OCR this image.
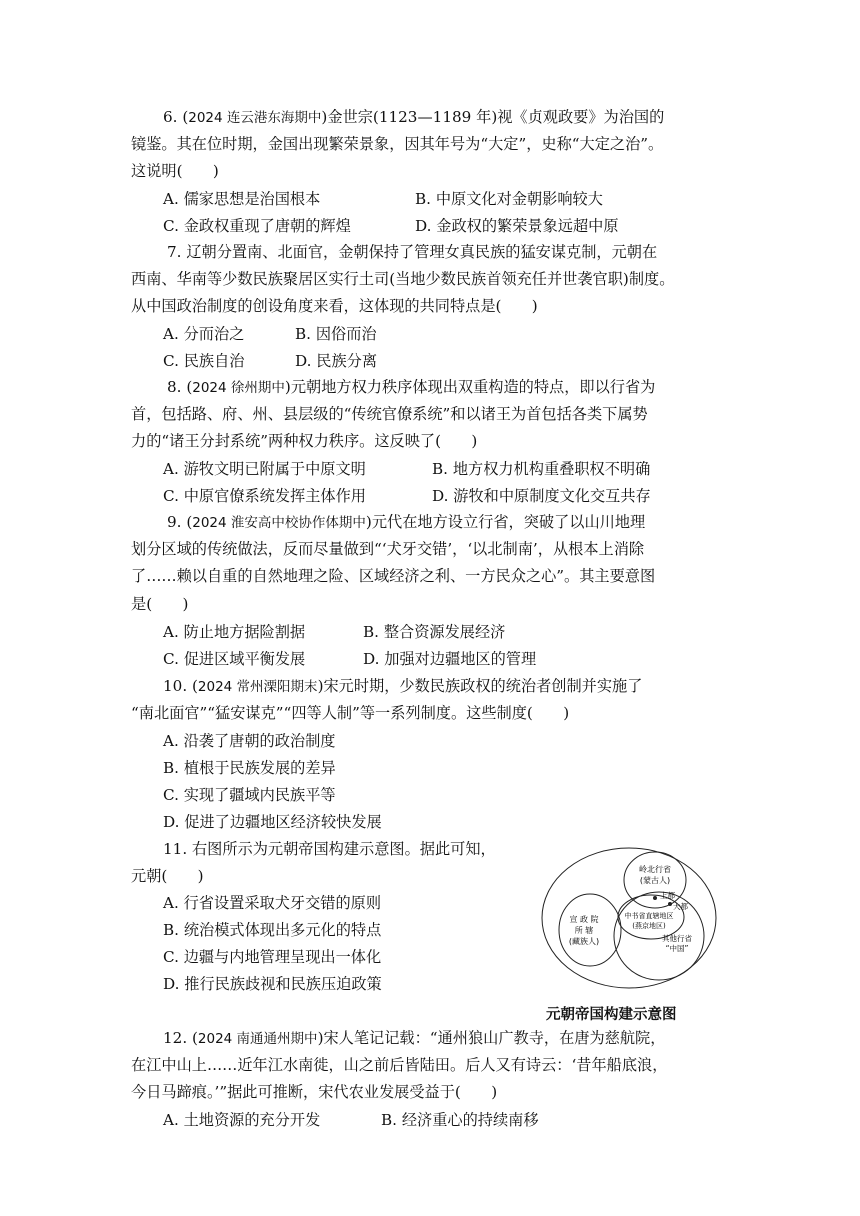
6. (2024 连云港东海期中)金世宗(1123—1189 年)视《贞观政要》为治国的
镜鉴。其在位时期，金国出现繁荣景象，因其年号为“大定”，史称“大定之治”。
这说明(　　)
A. 儒家思想是治国根本	B. 中原文化对金朝影响较大
C. 金政权重现了唐朝的辉煌	D. 金政权的繁荣景象远超中原
7. 辽朝分置南、北面官，金朝保持了管理女真民族的猛安谋克制，元朝在
西南、华南等少数民族聚居区实行土司(当地少数民族首领充任并世袭官职)制度。
从中国政治制度的创设角度来看，这体现的共同特点是(　　)
A. 分而治之	B. 因俗而治
C. 民族自治	D. 民族分离
8. (2024 徐州期中)元朝地方权力秩序体现出双重构造的特点，即以行省为
首，包括路、府、州、县层级的“传统官僚系统”和以诸王为首包括各类下属势
力的“诸王分封系统”两种权力秩序。这反映了(　　)
A. 游牧文明已附属于中原文明	B. 地方权力机构重叠职权不明确
C. 中原官僚系统发挥主体作用	D. 游牧和中原制度文化交互共存
9. (2024 淮安高中校协作体期中)元代在地方设立行省，突破了以山川地理
划分区域的传统做法，反而尽量做到“‘犬牙交错’，‘以北制南’，从根本上消除
了……赖以自重的自然地理之险、区域经济之利、一方民众之心”。其主要意图
是(　　)
A. 防止地方据险割据	B. 整合资源发展经济
C. 促进区域平衡发展	D. 加强对边疆地区的管理
10. (2024 常州溧阳期末)宋元时期，少数民族政权的统治者创制并实施了
“南北面官”“猛安谋克”“四等人制”等一系列制度。这些制度(　　)
A. 沿袭了唐朝的政治制度
B. 植根于民族发展的差异
C. 实现了疆域内民族平等
D. 促进了边疆地区经济较快发展
11. 右图所示为元朝帝国构建示意图。据此可知，
元朝(　　)
A. 行省设置采取犬牙交错的原则
B. 统治模式体现出多元化的特点
C. 边疆与内地管理呈现出一体化
D. 推行民族歧视和民族压迫政策
岭北行省
(蒙古人)
上都
大都
宣 政 院
所 辖
(藏族人)
中书省直辖地区
(燕京地区)
其他行省
“中国”
元朝帝国构建示意图
12. (2024 南通通州期中)宋人笔记记载：“通州狼山广教寺，在唐为慈航院，
在江中山上……近年江水南徙，山之前后皆陆田。后人又有诗云：‘昔年船底浪，
今日马蹄痕。’”据此可推断，宋代农业发展受益于(　　)
A. 土地资源的充分开发	B. 经济重心的持续南移
